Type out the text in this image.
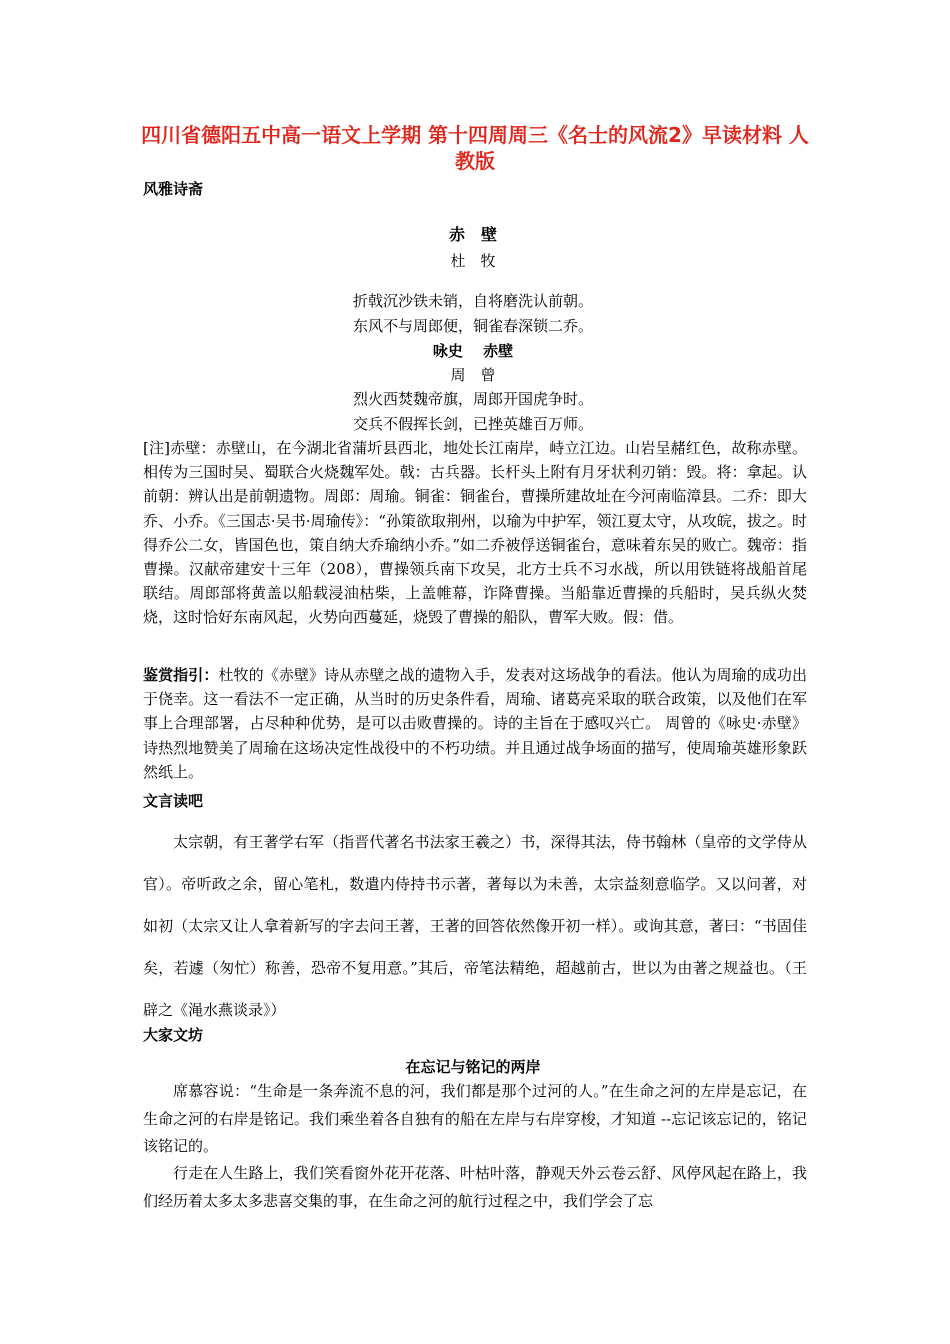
四川省德阳五中高一语文上学期 第十四周周三《名士的风流2》早读材料 人教版
风雅诗斋
赤　壁
杜　牧
折戟沉沙铁未销，自将磨洗认前朝。
东风不与周郎便，铜雀春深锁二乔。
咏史　 赤壁
周　曾
烈火西焚魏帝旗，周郎开国虎争时。
交兵不假挥长剑，已挫英雄百万师。
[注]赤壁：赤壁山，在今湖北省蒲圻县西北，地处长江南岸，峙立江边。山岩呈赭红色，故称赤壁。相传为三国时吴、蜀联合火烧魏军处。戟：古兵器。长杆头上附有月牙状利刃销：毁。将：拿起。认前朝：辨认出是前朝遗物。周郎：周瑜。铜雀：铜雀台，曹操所建故址在今河南临漳县。二乔：即大乔、小乔。《三国志·吴书·周瑜传》：“孙策欲取荆州，以瑜为中护军，领江夏太守，从攻皖，拔之。时得乔公二女，皆国色也，策自纳大乔瑜纳小乔。”如二乔被俘送铜雀台，意味着东吴的败亡。魏帝：指曹操。汉献帝建安十三年（208），曹操领兵南下攻吴，北方士兵不习水战，所以用铁链将战船首尾联结。周郎部将黄盖以船载浸油枯柴，上盖帷幕，诈降曹操。当船靠近曹操的兵船时，吴兵纵火焚烧，这时恰好东南风起，火势向西蔓延，烧毁了曹操的船队，曹军大败。假：借。
鉴赏指引：杜牧的《赤壁》诗从赤壁之战的遗物入手，发表对这场战争的看法。他认为周瑜的成功出于侥幸。这一看法不一定正确，从当时的历史条件看，周瑜、诸葛亮采取的联合政策，以及他们在军事上合理部署，占尽种种优势，是可以击败曹操的。诗的主旨在于感叹兴亡。 周曾的《咏史·赤壁》诗热烈地赞美了周瑜在这场决定性战役中的不朽功绩。并且通过战争场面的描写，使周瑜英雄形象跃然纸上。
文言读吧
太宗朝，有王著学右军（指晋代著名书法家王羲之）书，深得其法，侍书翰林（皇帝的文学侍从官）。帝听政之余，留心笔札，数遣内侍持书示著，著每以为未善，太宗益刻意临学。又以问著，对如初（太宗又让人拿着新写的字去问王著，王著的回答依然像开初一样）。或询其意，著曰：“书固佳矣，若遽（匆忙）称善，恐帝不复用意。”其后，帝笔法精绝，超越前古，世以为由著之规益也。（王辟之《渑水燕谈录》）
大家文坊
在忘记与铭记的两岸
席慕容说：“生命是一条奔流不息的河，我们都是那个过河的人。”在生命之河的左岸是忘记，在生命之河的右岸是铭记。我们乘坐着各自独有的船在左岸与右岸穿梭，才知道 --忘记该忘记的，铭记该铭记的。
行走在人生路上，我们笑看窗外花开花落、叶枯叶落，静观天外云卷云舒、风停风起在路上，我们经历着太多太多悲喜交集的事，在生命之河的航行过程之中，我们学会了忘
